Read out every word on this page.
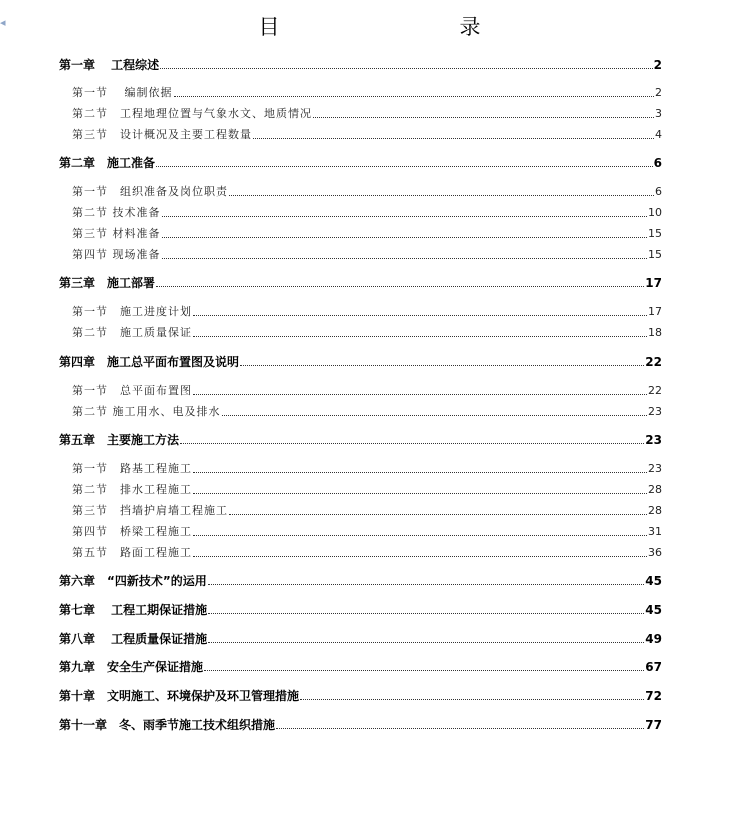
◂	目　　录
第一章　 工程综述	2
第一节　 编制依据	2
第二节　工程地理位置与气象水文、地质情况	3
第三节　设计概况及主要工程数量	4
第二章　施工准备	6
第一节　组织准备及岗位职责	6
第二节 技术准备	10
第三节 材料准备	15
第四节 现场准备	15
第三章　施工部署	17
第一节　施工进度计划	17
第二节　施工质量保证	18
第四章　施工总平面布置图及说明	22
第一节　总平面布置图	22
第二节 施工用水、电及排水	23
第五章　主要施工方法	23
第一节　路基工程施工	23
第二节　排水工程施工	28
第三节　挡墙护肩墙工程施工	28
第四节　桥梁工程施工	31
第五节　路面工程施工	36
第六章　“四新技术”的运用	45
第七章　 工程工期保证措施	45
第八章　 工程质量保证措施	49
第九章　安全生产保证措施	67
第十章　文明施工、环境保护及环卫管理措施	72
第十一章　冬、雨季节施工技术组织措施	77
